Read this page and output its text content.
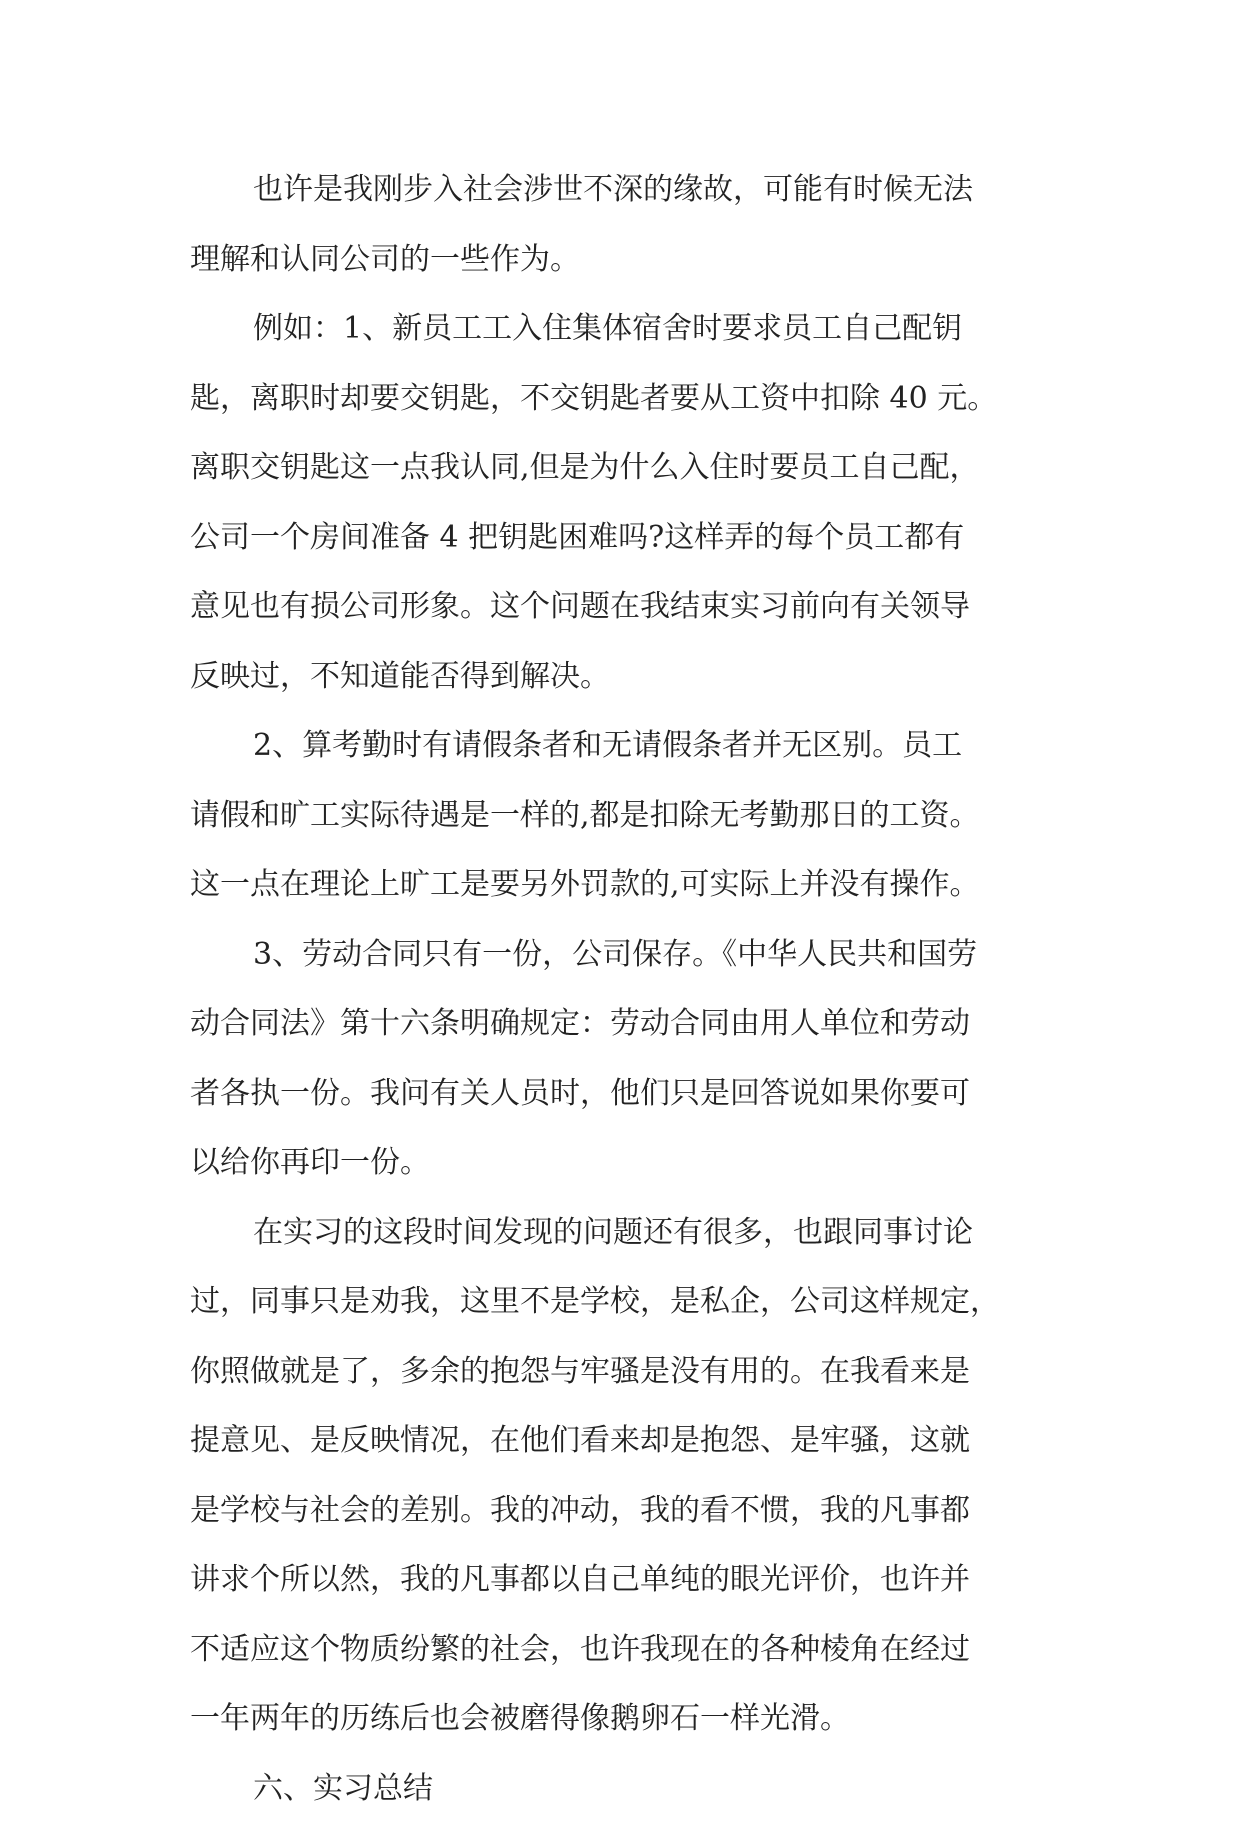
也许是我刚步入社会涉世不深的缘故，可能有时候无法
理解和认同公司的一些作为。
例如：1、新员工工入住集体宿舍时要求员工自己配钥
匙，离职时却要交钥匙，不交钥匙者要从工资中扣除 40 元。
离职交钥匙这一点我认同,但是为什么入住时要员工自己配，
公司一个房间准备 4 把钥匙困难吗?这样弄的每个员工都有
意见也有损公司形象。这个问题在我结束实习前向有关领导
反映过，不知道能否得到解决。
2、算考勤时有请假条者和无请假条者并无区别。员工
请假和旷工实际待遇是一样的,都是扣除无考勤那日的工资。
这一点在理论上旷工是要另外罚款的,可实际上并没有操作。
3、劳动合同只有一份，公司保存。《中华人民共和国劳
动合同法》第十六条明确规定：劳动合同由用人单位和劳动
者各执一份。我问有关人员时，他们只是回答说如果你要可
以给你再印一份。
在实习的这段时间发现的问题还有很多，也跟同事讨论
过，同事只是劝我，这里不是学校，是私企，公司这样规定，
你照做就是了，多余的抱怨与牢骚是没有用的。在我看来是
提意见、是反映情况，在他们看来却是抱怨、是牢骚，这就
是学校与社会的差别。我的冲动，我的看不惯，我的凡事都
讲求个所以然，我的凡事都以自己单纯的眼光评价，也许并
不适应这个物质纷繁的社会，也许我现在的各种棱角在经过
一年两年的历练后也会被磨得像鹅卵石一样光滑。
六、实习总结
